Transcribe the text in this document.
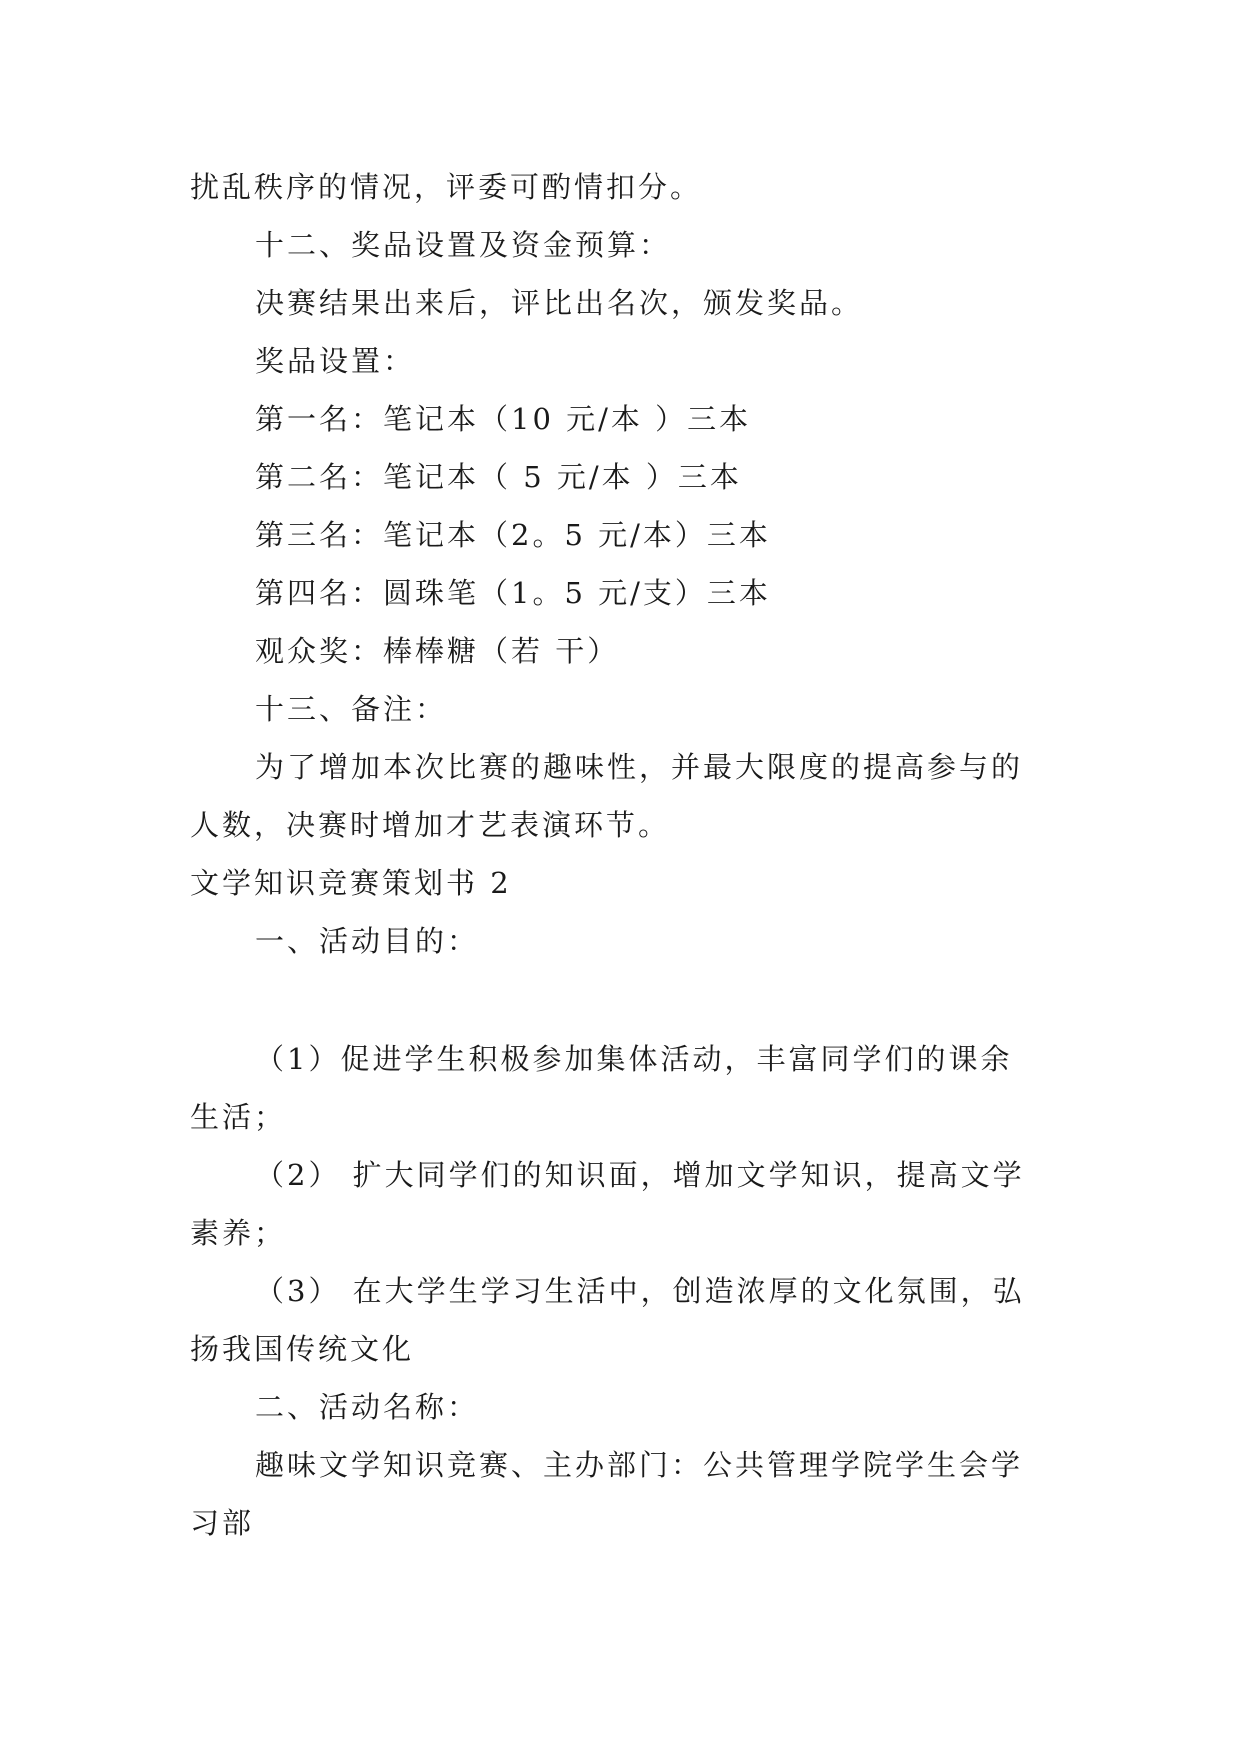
扰乱秩序的情况，评委可酌情扣分。
十二、奖品设置及资金预算：
决赛结果出来后，评比出名次，颁发奖品。
奖品设置：
第一名：笔记本（10 元/本 ）三本
第二名：笔记本（ 5 元/本 ）三本
第三名：笔记本（2。5 元/本）三本
第四名：圆珠笔（1。5 元/支）三本
观众奖：棒棒糖（若 干）
十三、备注：
为了增加本次比赛的趣味性，并最大限度的提高参与的
人数，决赛时增加才艺表演环节。
文学知识竞赛策划书 2
一、活动目的：
（1）促进学生积极参加集体活动，丰富同学们的课余
生活；
（2） 扩大同学们的知识面，增加文学知识，提高文学
素养；
（3） 在大学生学习生活中，创造浓厚的文化氛围，弘
扬我国传统文化
二、活动名称：
趣味文学知识竞赛、主办部门：公共管理学院学生会学
习部
